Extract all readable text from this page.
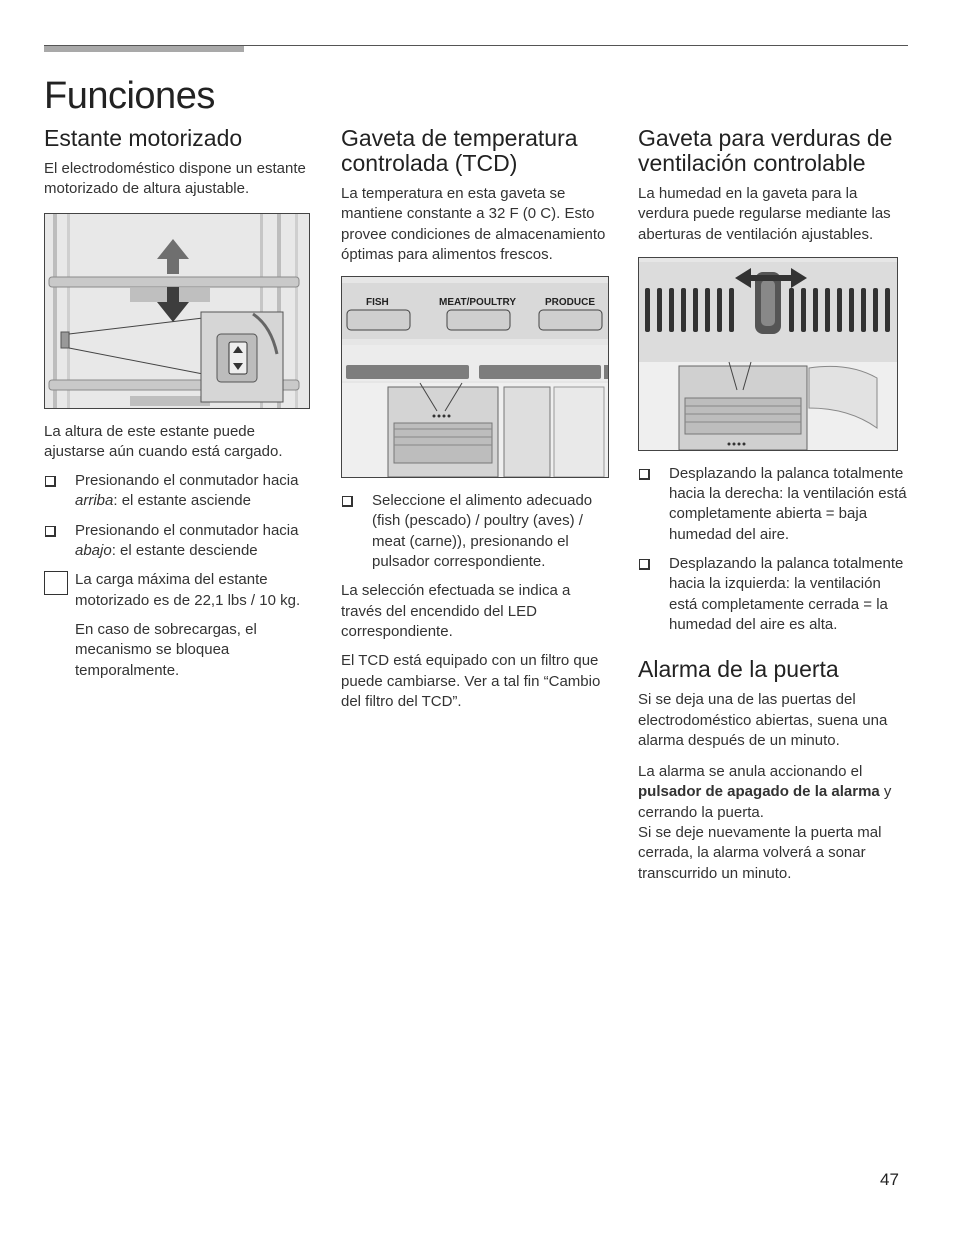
Funciones
Estante motorizado

El electrodoméstico dispone un estante motorizado de altura ajustable.

La altura de este estante puede ajustarse aún cuando está cargado.

Presionando el conmutador hacia arriba: el estante asciende
Presionando el conmutador hacia abajo: el estante desciende

La carga máxima del estante motorizado es de 22,1 lbs / 10 kg.

En caso de sobrecargas, el mecanismo se bloquea temporalmente.

Gaveta de temperatura controlada (TCD)

La temperatura en esta gaveta se mantiene constante a 32 F (0 C). Esto provee condiciones de almacenamiento óptimas para alimentos frescos.

FISH	MEAT/POULTRY	PRODUCE
Seleccione el alimento adecuado (fish (pescado) / poultry (aves) / meat (carne)), presionando el pulsador correspondiente.

La selección efectuada se indica a través del encendido del LED correspondiente.

El TCD está equipado con un filtro que puede cambiarse. Ver a tal fin “Cambio del filtro del TCD”.

Gaveta para verduras de ventilación controlable

La humedad en la gaveta para la verdura puede regularse mediante las aberturas de ventilación ajustables.

Desplazando la palanca totalmente hacia la derecha: la ventilación está completamente abierta = baja humedad del aire.
Desplazando la palanca totalmente hacia la izquierda: la ventilación está completamente cerrada = la humedad del aire es alta.
Alarma de la puerta

Si se deja una de las puertas del electrodoméstico abiertas, suena una alarma después de un minuto.

La alarma se anula accionando el pulsador de apagado de la alarma y cerrando la puerta.

Si se deje nuevamente la puerta mal cerrada, la alarma volverá a sonar transcurrido un minuto.

47
